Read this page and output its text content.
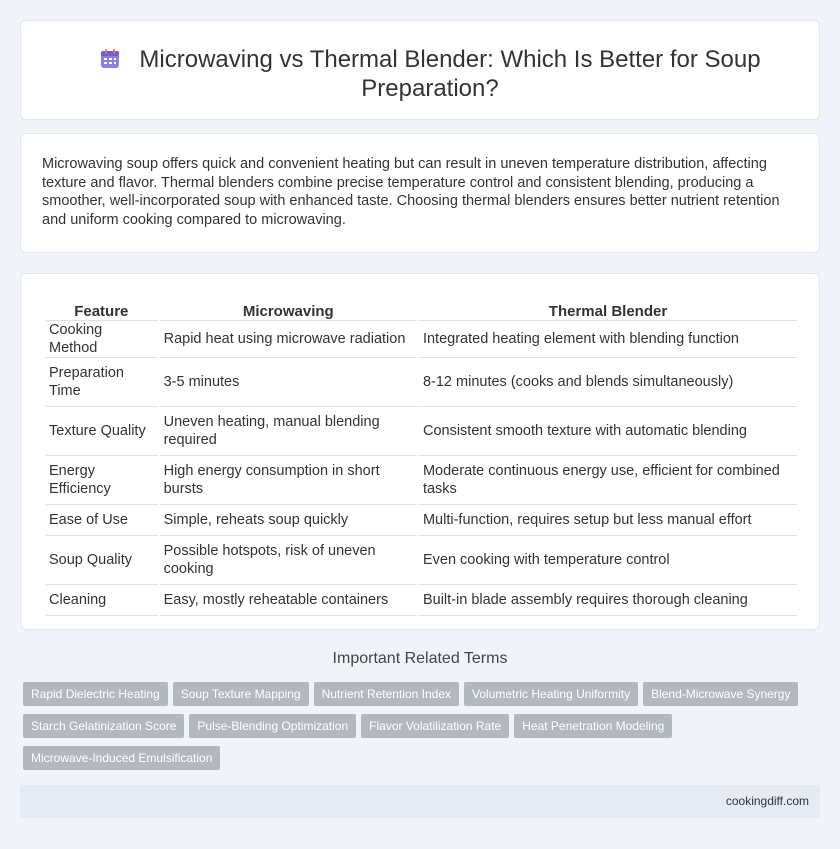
Microwaving vs Thermal Blender: Which Is Better for Soup Preparation?

Microwaving soup offers quick and convenient heating but can result in uneven temperature distribution, affecting texture and flavor. Thermal blenders combine precise temperature control and consistent blending, producing a smoother, well-incorporated soup with enhanced taste. Choosing thermal blenders ensures better nutrient retention and uniform cooking compared to microwaving.

Feature	Microwaving	Thermal Blender
Cooking Method	Rapid heat using microwave radiation	Integrated heating element with blending function
Preparation Time	3-5 minutes	8-12 minutes (cooks and blends simultaneously)
Texture Quality	Uneven heating, manual blending required	Consistent smooth texture with automatic blending
Energy Efficiency	High energy consumption in short bursts	Moderate continuous energy use, efficient for combined tasks
Ease of Use	Simple, reheats soup quickly	Multi-function, requires setup but less manual effort
Soup Quality	Possible hotspots, risk of uneven cooking	Even cooking with temperature control
Cleaning	Easy, mostly reheatable containers	Built-in blade assembly requires thorough cleaning
Important Related Terms
Rapid Dielectric Heating Soup Texture Mapping Nutrient Retention Index Volumetric Heating Uniformity Blend-Microwave Synergy
Starch Gelatinization Score Pulse-Blending Optimization Flavor Volatilization Rate Heat Penetration Modeling
Microwave-Induced Emulsification
cookingdiff.com
